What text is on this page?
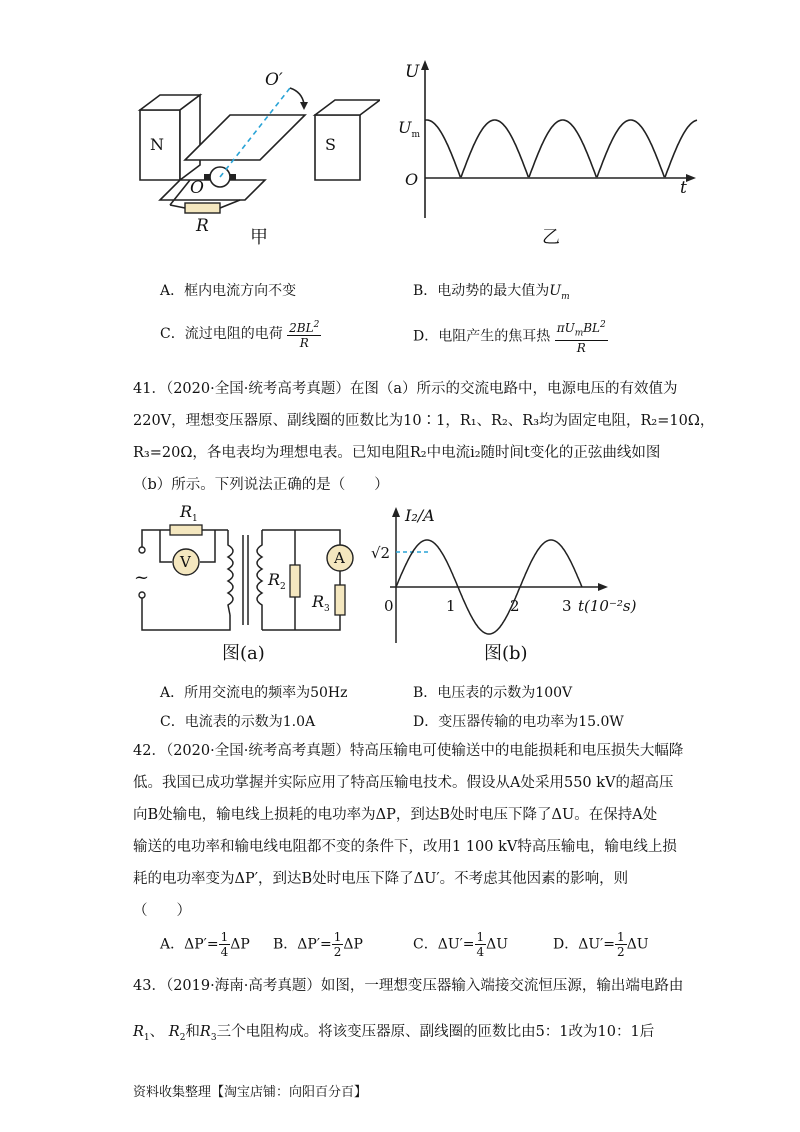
N	S
O′
O
R
甲
U
$U_m$
O	t
乙
A．框内电流方向不变	B．电动势的最大值为$U_m$
C．流过电阻的电荷 $\frac{2BL^2}{R}$	D．电阻产生的焦耳热 $\frac{\pi U_mBL^2}{R}$
41．（2020·全国·统考高考真题）在图（a）所示的交流电路中，电源电压的有效值为
220V，理想变压器原、副线圈的匝数比为10∶1，R₁、R₂、R₃均为固定电阻，R₂=10Ω，
R₃=20Ω，各电表均为理想电表。已知电阻R₂中电流i₂随时间t变化的正弦曲线如图
（b）所示。下列说法正确的是（　　）
~
$R_1$
V	A
$R_2$
$R_3$
图(a)
I₂/A
√2
0	1	2	3 t(10⁻²s)
图(b)
A．所用交流电的频率为50Hz	B．电压表的示数为100V
C．电流表的示数为1.0A	D．变压器传输的电功率为15.0W
42．（2020·全国·统考高考真题）特高压输电可使输送中的电能损耗和电压损失大幅降
低。我国已成功掌握并实际应用了特高压输电技术。假设从A处采用550 kV的超高压
向B处输电，输电线上损耗的电功率为ΔP，到达B处时电压下降了ΔU。在保持A处
输送的电功率和输电线电阻都不变的条件下，改用1 100 kV特高压输电，输电线上损
耗的电功率变为ΔP′，到达B处时电压下降了ΔU′。不考虑其他因素的影响，则
（　　）
A．$\Delta P'= \frac{1}{4}$ ΔP B．$\Delta P'= \frac{1}{2}$ ΔP	C．$\Delta U'= \frac{1}{4}$ ΔU	D．$\Delta U'= \frac{1}{2}$ ΔU
43．（2019·海南·高考真题）如图，一理想变压器输入端接交流恒压源，输出端电路由
$R_1$、 $R_2$和$R_3$三个电阻构成。将该变压器原、副线圈的匝数比由5：1改为10：1后
资料收集整理【淘宝店铺：向阳百分百】
